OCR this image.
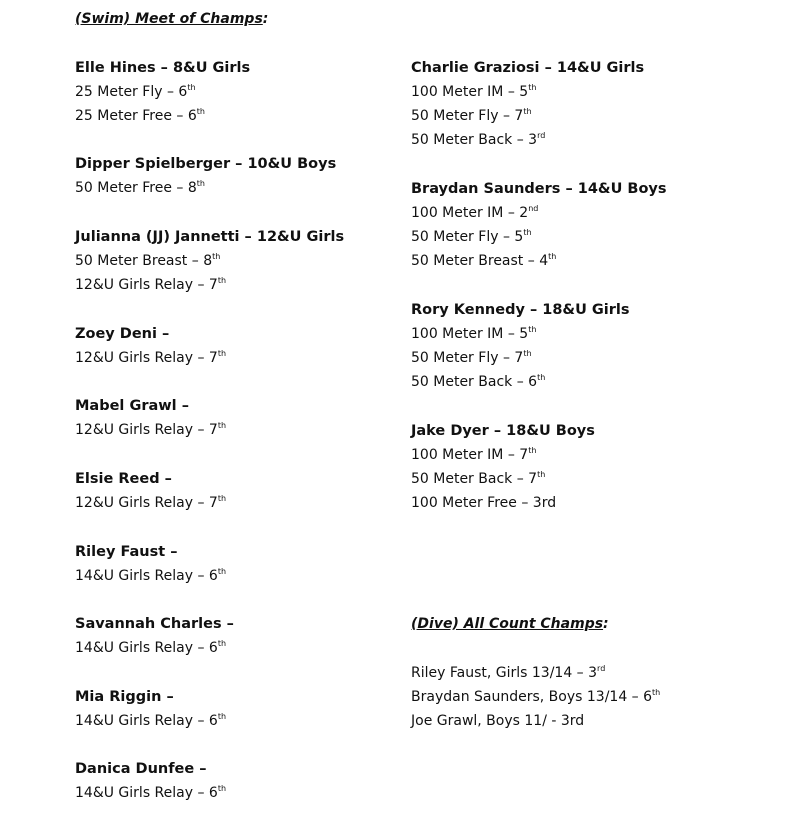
(Swim) Meet of Champs:
Elle Hines – 8&U Girls
25 Meter Fly – 6th
25 Meter Free – 6th
Dipper Spielberger – 10&U Boys
50 Meter Free – 8th
Julianna (JJ) Jannetti – 12&U Girls
50 Meter Breast – 8th
12&U Girls Relay – 7th
Zoey Deni –
12&U Girls Relay – 7th
Mabel Grawl –
12&U Girls Relay – 7th
Elsie Reed –
12&U Girls Relay – 7th
Riley Faust –
14&U Girls Relay – 6th
Savannah Charles –
14&U Girls Relay – 6th
Mia Riggin –
14&U Girls Relay – 6th
Danica Dunfee –
14&U Girls Relay – 6th
Charlie Graziosi – 14&U Girls
100 Meter IM – 5th
50 Meter Fly – 7th
50 Meter Back – 3rd
Braydan Saunders – 14&U Boys
100 Meter IM – 2nd
50 Meter Fly – 5th
50 Meter Breast – 4th
Rory Kennedy – 18&U Girls
100 Meter IM – 5th
50 Meter Fly – 7th
50 Meter Back – 6th
Jake Dyer – 18&U Boys
100 Meter IM – 7th
50 Meter Back – 7th
100 Meter Free – 3rd
(Dive) All Count Champs:
Riley Faust, Girls 13/14 – 3rd
Braydan Saunders, Boys 13/14 – 6th
Joe Grawl, Boys 11/ - 3rd
